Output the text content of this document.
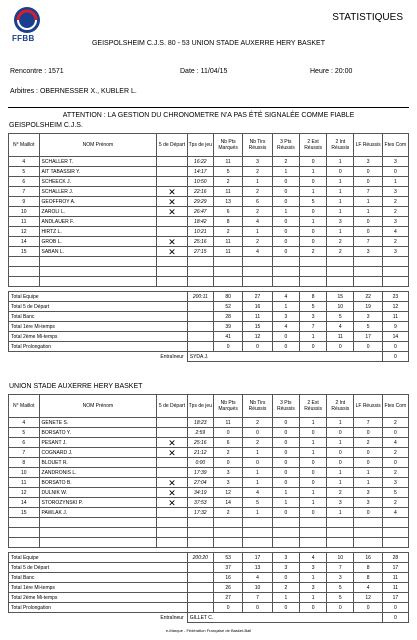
FFBB
STATISTIQUES
GEISPOLSHEIM C.J.S. 80 - 53 UNION STADE AUXERRE HERY BASKET
Rencontre : 1571	Date : 11/04/15	Heure : 20:00
Arbitres : OBERNESSER X., KUBLER L.
ATTENTION : LA GESTION DU CHRONOMETRE N'A PAS ÉTÉ SIGNALÉE COMME FIABLE
GEISPOLSHEIM C.J.S.
N° Maillot	NOM Prénom	5 de Départ	Tps de jeu	Nb Pts Marqués	Nb Tirs Réussis	3 Pts Réussis	2 Ext Réussis	2 Int Réussis	LF Réussis	Ftes Com
4	SCHALLER T.		16:22	11	3	2	0	1	3	3
5	AIT TABASSIR Y.		14:17	5	2	1	1	0	0	0
6	SCHEECK J.		10:50	2	1	0	0	1	0	1
7	SCHALLER J.	✕	22:16	11	2	0	1	1	7	3
9	GEOFFROY A.	✕	29:29	13	6	0	5	1	1	2
10	ZAROLI L.	✕	26:47	6	2	1	0	1	1	2
11	ANDLAUER F.		18:42	8	4	0	1	3	0	3
12	HIRTZ L.		10:21	2	1	0	0	1	0	4
14	GROB L.	✕	25:16	11	2	0	0	2	7	2
15	SABAN L.	✕	27:15	11	4	0	2	2	3	3

Total Equipe			200:11	80	27	4	8	15	22	23
Total 5 de Départ				52	16	1	5	10	19	12
Total Banc				28	11	3	3	5	3	11
Total 1ère Mi-temps				39	15	4	7	4	5	9
Total 2ème Mi-temps				41	12	0	1	11	17	14
Total Prolongation				0	0	0	0	0	0	0
Entraîneur			SYDA J.							0
UNION STADE AUXERRE HERY BASKET
N° Maillot	NOM Prénom	5 de Départ	Tps de jeu	Nb Pts Marqués	Nb Tirs Réussis	3 Pts Réussis	2 Ext Réussis	2 Int Réussis	LF Réussis	Ftes Com
4	GENETE S.		18:23	11	2	0	1	1	7	2
5	BORSATO Y.		2:59	0	0	0	0	0	0	0
6	PESANT J.	✕	25:16	6	2	0	1	1	2	4
7	COGNARD J.	✕	21:12	2	1	0	1	0	0	2
8	BLOUET R.		0:00	0	0	0	0	0	0	0
10	ZANDRONIS L.		17:39	3	1	0	0	1	1	2
11	BORSATO B.	✕	27:04	3	1	0	0	1	1	3
12	DULNIK W.	✕	34:19	12	4	1	1	2	3	5
14	STOROZYNSKI P.	✕	37:53	14	5	1	1	3	3	2
15	PAWLAK J.		17:32	2	1	0	0	1	0	4

Total Equipe			200:20	53	17	3	4	10	16	28
Total 5 de Départ				37	13	3	3	7	8	17
Total Banc				16	4	0	1	3	8	11
Total 1ère Mi-temps				26	10	2	3	5	4	11
Total 2ème Mi-temps				27	7	1	1	5	12	17
Total Prolongation				0	0	0	0	0	0	0
Entraîneur			GILLET C.							0
e-Marque - Fédération Française de Basket-Ball
